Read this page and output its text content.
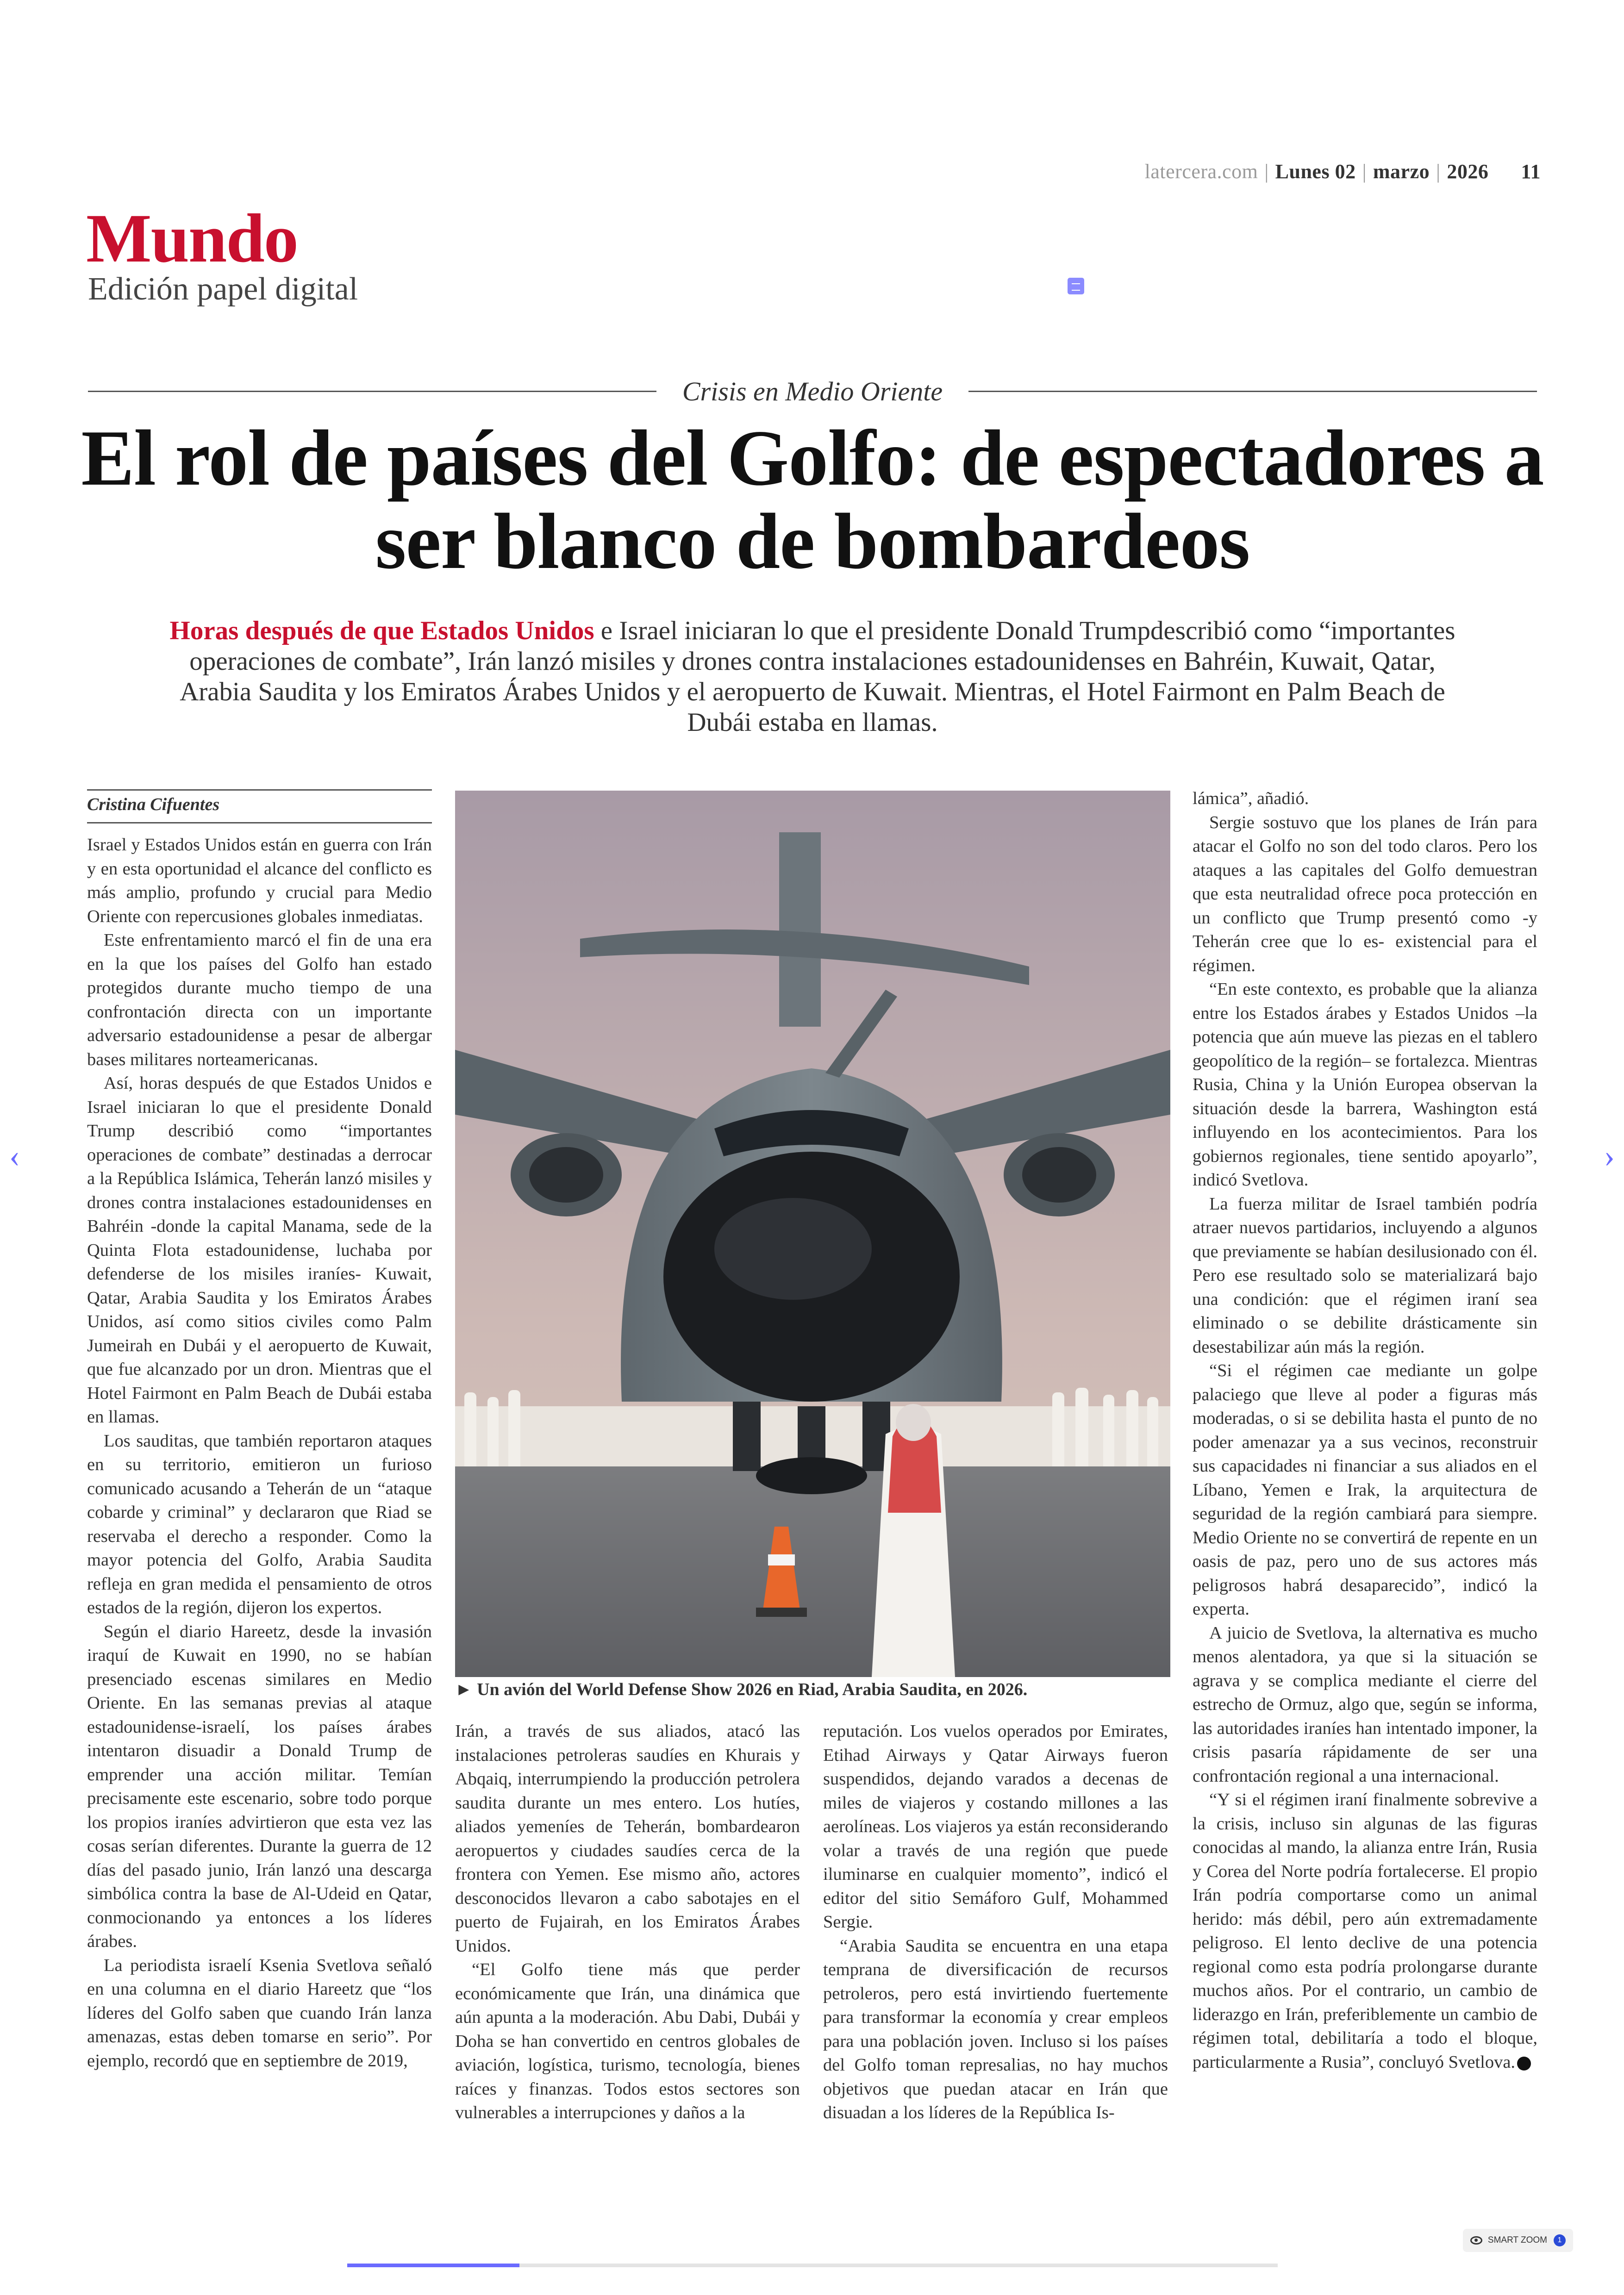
latercera.com | Lunes 02 | marzo | 2026 11
Mundo
Edición papel digital
Crisis en Medio Oriente
El rol de países del Golfo: de espectadores a ser blanco de bombardeos
Horas después de que Estados Unidos e Israel iniciaran lo que el presidente Donald Trumpdescribió como “importantes operaciones de combate”, Irán lanzó misiles y drones contra instalaciones estadounidenses en Bahréin, Kuwait, Qatar, Arabia Saudita y los Emiratos Árabes Unidos y el aeropuerto de Kuwait. Mientras, el Hotel Fairmont en Palm Beach de Dubái estaba en llamas.
Cristina Cifuentes

Israel y Estados Unidos están en guerra con Irán y en esta oportunidad el alcance del conflicto es más amplio, profundo y crucial para Medio Oriente con repercusiones globales inmediatas.

Este enfrentamiento marcó el fin de una era en la que los países del Golfo han estado protegidos durante mucho tiempo de una confrontación directa con un importante adversario estadounidense a pesar de albergar bases militares norteamericanas.

Así, horas después de que Estados Unidos e Israel iniciaran lo que el presidente Donald Trump describió como “importantes operaciones de combate” destinadas a derrocar a la República Islámica, Teherán lanzó misiles y drones contra instalaciones estadounidenses en Bahréin -donde la capital Manama, sede de la Quinta Flota estadounidense, luchaba por defenderse de los misiles iraníes- Kuwait, Qatar, Arabia Saudita y los Emiratos Árabes Unidos, así como sitios civiles como Palm Jumeirah en Dubái y el aeropuerto de Kuwait, que fue alcanzado por un dron. Mientras que el Hotel Fairmont en Palm Beach de Dubái estaba en llamas.

Los sauditas, que también reportaron ataques en su territorio, emitieron un furioso comunicado acusando a Teherán de un “ataque cobarde y criminal” y declararon que Riad se reservaba el derecho a responder. Como la mayor potencia del Golfo, Arabia Saudita refleja en gran medida el pensamiento de otros estados de la región, dijeron los expertos.

Según el diario Hareetz, desde la invasión iraquí de Kuwait en 1990, no se habían presenciado escenas similares en Medio Oriente. En las semanas previas al ataque estadounidense-israelí, los países árabes intentaron disuadir a Donald Trump de emprender una acción militar. Temían precisamente este escenario, sobre todo porque los propios iraníes advirtieron que esta vez las cosas serían diferentes. Durante la guerra de 12 días del pasado junio, Irán lanzó una descarga simbólica contra la base de Al-Udeid en Qatar, conmocionando ya entonces a los líderes árabes.

La periodista israelí Ksenia Svetlova señaló en una columna en el diario Hareetz que “los líderes del Golfo saben que cuando Irán lanza amenazas, estas deben tomarse en serio”. Por ejemplo, recordó que en septiembre de 2019,

► Un avión del World Defense Show 2026 en Riad, Arabia Saudita, en 2026.

Irán, a través de sus aliados, atacó las instalaciones petroleras saudíes en Khurais y Abqaiq, interrumpiendo la producción petrolera saudita durante un mes entero. Los hutíes, aliados yemeníes de Teherán, bombardearon aeropuertos y ciudades saudíes cerca de la frontera con Yemen. Ese mismo año, actores desconocidos llevaron a cabo sabotajes en el puerto de Fujairah, en los Emiratos Árabes Unidos.

“El Golfo tiene más que perder económicamente que Irán, una dinámica que aún apunta a la moderación. Abu Dabi, Dubái y Doha se han convertido en centros globales de aviación, logística, turismo, tecnología, bienes raíces y finanzas. Todos estos sectores son vulnerables a interrupciones y daños a la

reputación. Los vuelos operados por Emirates, Etihad Airways y Qatar Airways fueron suspendidos, dejando varados a decenas de miles de viajeros y costando millones a las aerolíneas. Los viajeros ya están reconsiderando volar a través de una región que puede iluminarse en cualquier momento”, indicó el editor del sitio Semáforo Gulf, Mohammed Sergie.

“Arabia Saudita se encuentra en una etapa temprana de diversificación de recursos petroleros, pero está invirtiendo fuertemente para transformar la economía y crear empleos para una población joven. Incluso si los países del Golfo toman represalias, no hay muchos objetivos que puedan atacar en Irán que disuadan a los líderes de la República Is-

lámica”, añadió.

Sergie sostuvo que los planes de Irán para atacar el Golfo no son del todo claros. Pero los ataques a las capitales del Golfo demuestran que esta neutralidad ofrece poca protección en un conflicto que Trump presentó como -y Teherán cree que lo es- existencial para el régimen.

“En este contexto, es probable que la alianza entre los Estados árabes y Estados Unidos –la potencia que aún mueve las piezas en el tablero geopolítico de la región– se fortalezca. Mientras Rusia, China y la Unión Europea observan la situación desde la barrera, Washington está influyendo en los acontecimientos. Para los gobiernos regionales, tiene sentido apoyarlo”, indicó Svetlova.

La fuerza militar de Israel también podría atraer nuevos partidarios, incluyendo a algunos que previamente se habían desilusionado con él. Pero ese resultado solo se materializará bajo una condición: que el régimen iraní sea eliminado o se debilite drásticamente sin desestabilizar aún más la región.

“Si el régimen cae mediante un golpe palaciego que lleve al poder a figuras más moderadas, o si se debilita hasta el punto de no poder amenazar ya a sus vecinos, reconstruir sus capacidades ni financiar a sus aliados en el Líbano, Yemen e Irak, la arquitectura de seguridad de la región cambiará para siempre. Medio Oriente no se convertirá de repente en un oasis de paz, pero uno de sus actores más peligrosos habrá desaparecido”, indicó la experta.

A juicio de Svetlova, la alternativa es mucho menos alentadora, ya que si la situación se agrava y se complica mediante el cierre del estrecho de Ormuz, algo que, según se informa, las autoridades iraníes han intentado imponer, la crisis pasaría rápidamente de ser una confrontación regional a una internacional.

“Y si el régimen iraní finalmente sobrevive a la crisis, incluso sin algunas de las figuras conocidas al mando, la alianza entre Irán, Rusia y Corea del Norte podría fortalecerse. El propio Irán podría comportarse como un animal herido: más débil, pero aún extremadamente peligroso. El lento declive de una potencia regional como esta podría prolongarse durante muchos años. Por el contrario, un cambio de liderazgo en Irán, preferiblemente un cambio de régimen total, debilitaría a todo el bloque, particularmente a Rusia”, concluyó Svetlova.

‹	›
SMART ZOOM	1
